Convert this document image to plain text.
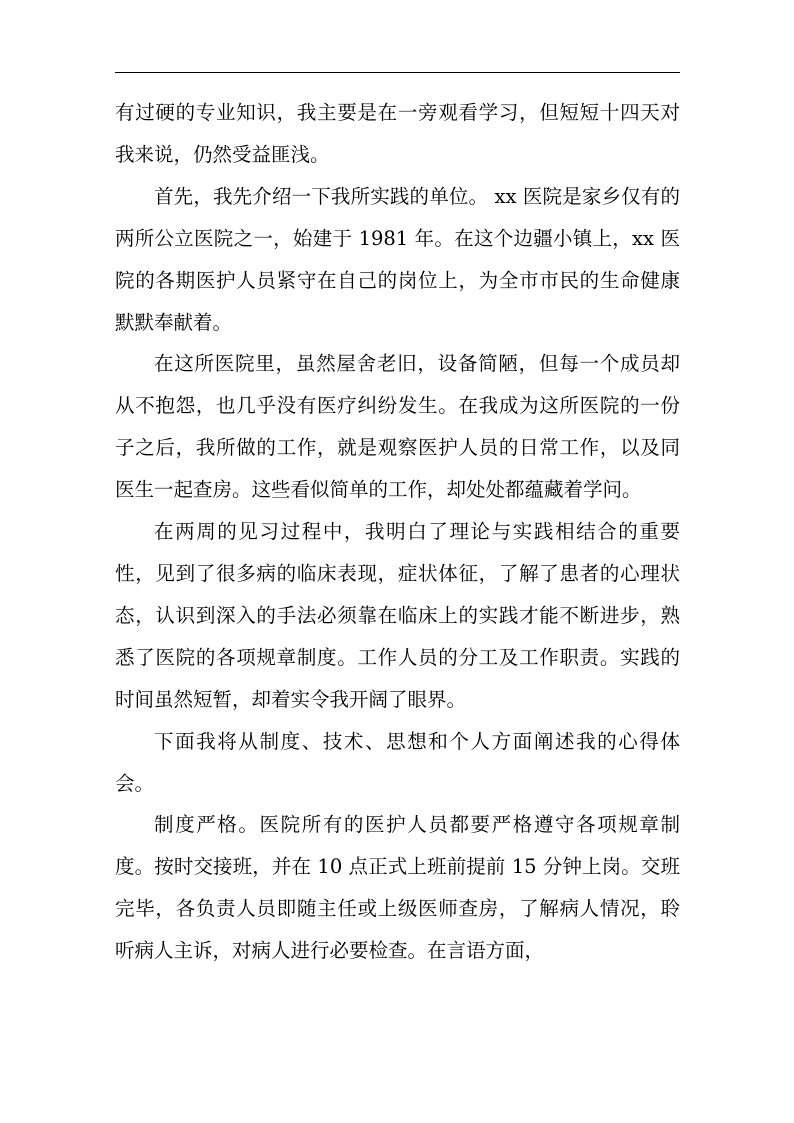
有过硬的专业知识，我主要是在一旁观看学习，但短短十四天对我来说，仍然受益匪浅。

首先，我先介绍一下我所实践的单位。 xx 医院是家乡仅有的两所公立医院之一，始建于 1981 年。在这个边疆小镇上，xx 医院的各期医护人员紧守在自己的岗位上，为全市市民的生命健康默默奉献着。

在这所医院里，虽然屋舍老旧，设备简陋，但每一个成员却从不抱怨，也几乎没有医疗纠纷发生。在我成为这所医院的一份子之后，我所做的工作，就是观察医护人员的日常工作，以及同医生一起查房。这些看似简单的工作，却处处都蕴藏着学问。

在两周的见习过程中，我明白了理论与实践相结合的重要性，见到了很多病的临床表现，症状体征，了解了患者的心理状态，认识到深入的手法必须靠在临床上的实践才能不断进步，熟悉了医院的各项规章制度。工作人员的分工及工作职责。实践的时间虽然短暂，却着实令我开阔了眼界。

下面我将从制度、技术、思想和个人方面阐述我的心得体会。

制度严格。医院所有的医护人员都要严格遵守各项规章制度。按时交接班，并在 10 点正式上班前提前 15 分钟上岗。交班完毕，各负责人员即随主任或上级医师查房，了解病人情况，聆听病人主诉，对病人进行必要检查。在言语方面，
